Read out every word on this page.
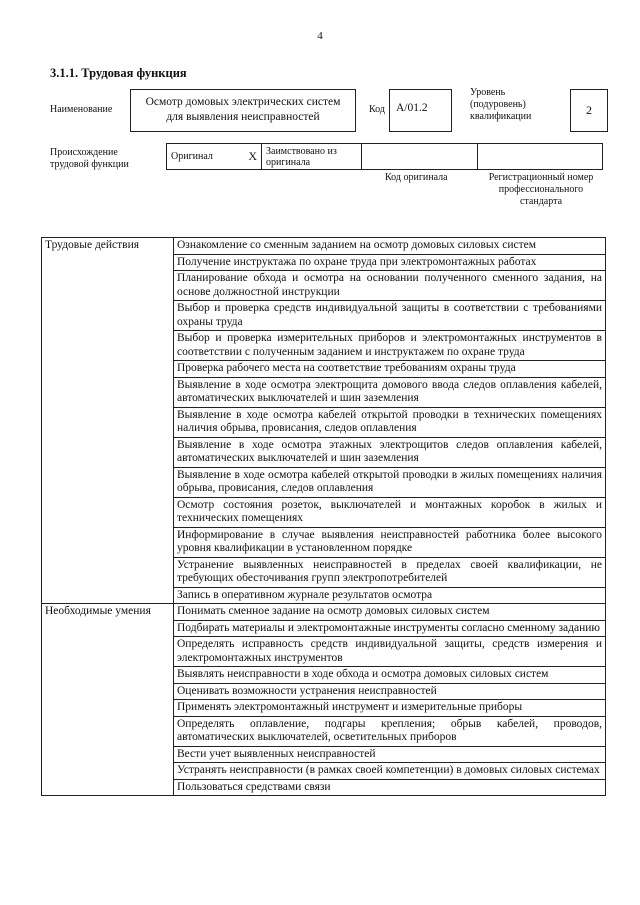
4
3.1.1. Трудовая функция
Наименование
Осмотр домовых электрических систем для выявления неисправностей
Код А/01.2
Уровень (подуровень) квалификации	2
Происхождение трудовой функции
Оригинал	X Заимствовано из оригинала
Код оригинала	Регистрационный номер профессионального стандарта
Трудовые действия	Ознакомление со сменным заданием на осмотр домовых силовых систем
	Получение инструктажа по охране труда при электромонтажных работах
	Планирование обхода и осмотра на основании полученного сменного задания, на основе должностной инструкции
	Выбор и проверка средств индивидуальной защиты в соответствии с требованиями охраны труда
	Выбор и проверка измерительных приборов и электромонтажных инструментов в соответствии с полученным заданием и инструктажем по охране труда
	Проверка рабочего места на соответствие требованиям охраны труда
	Выявление в ходе осмотра электрощита домового ввода следов оплавления кабелей, автоматических выключателей и шин заземления
	Выявление в ходе осмотра кабелей открытой проводки в технических помещениях наличия обрыва, провисания, следов оплавления
	Выявление в ходе осмотра этажных электрощитов следов оплавления кабелей, автоматических выключателей и шин заземления
	Выявление в ходе осмотра кабелей открытой проводки в жилых помещениях наличия обрыва, провисания, следов оплавления
	Осмотр состояния розеток, выключателей и монтажных коробок в жилых и технических помещениях
	Информирование в случае выявления неисправностей работника более высокого уровня квалификации в установленном порядке
	Устранение выявленных неисправностей в пределах своей квалификации, не требующих обесточивания групп электропотребителей
	Запись в оперативном журнале результатов осмотра
Необходимые умения	Понимать сменное задание на осмотр домовых силовых систем
	Подбирать материалы и электромонтажные инструменты согласно сменному заданию
	Определять исправность средств индивидуальной защиты, средств измерения и электромонтажных инструментов
	Выявлять неисправности в ходе обхода и осмотра домовых силовых систем
	Оценивать возможности устранения неисправностей
	Применять электромонтажный инструмент и измерительные приборы
	Определять оплавление, подгары крепления; обрыв кабелей, проводов, автоматических выключателей, осветительных приборов
	Вести учет выявленных неисправностей
	Устранять неисправности (в рамках своей компетенции) в домовых силовых системах
	Пользоваться средствами связи
